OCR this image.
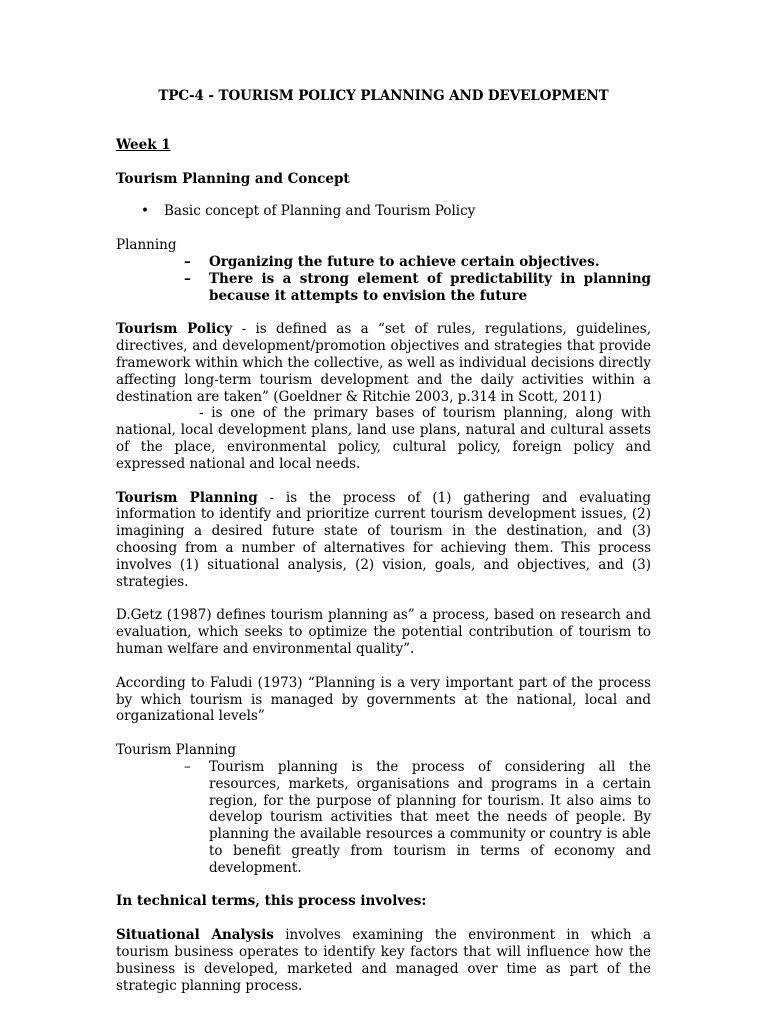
TPC-4 - TOURISM POLICY PLANNING AND DEVELOPMENT

Week 1

Tourism Planning and Concept

• Basic concept of Planning and Tourism Policy

Planning

– Organizing the future to achieve certain objectives.
– There is a strong element of predictability in planning because it attempts to envision the future

Tourism Policy - is defined as a “set of rules, regulations, guidelines, directives, and development/promotion objectives and strategies that provide framework within which the collective, as well as individual decisions directly affecting long-term tourism development and the daily activities within a destination are taken” (Goeldner & Ritchie 2003, p.314 in Scott, 2011)

- is one of the primary bases of tourism planning, along with national, local development plans, land use plans, natural and cultural assets of the place, environmental policy, cultural policy, foreign policy and expressed national and local needs.

Tourism Planning - is the process of (1) gathering and evaluating information to identify and prioritize current tourism development issues, (2) imagining a desired future state of tourism in the destination, and (3) choosing from a number of alternatives for achieving them. This process involves (1) situational analysis, (2) vision, goals, and objectives, and (3) strategies.

D.Getz (1987) defines tourism planning as” a process, based on research and evaluation, which seeks to optimize the potential contribution of tourism to human welfare and environmental quality”.

According to Faludi (1973) “Planning is a very important part of the process by which tourism is managed by governments at the national, local and organizational levels”

Tourism Planning

– Tourism planning is the process of considering all the resources, markets, organisations and programs in a certain region, for the purpose of planning for tourism. It also aims to develop tourism activities that meet the needs of people. By planning the available resources a community or country is able to benefit greatly from tourism in terms of economy and development.

In technical terms, this process involves:

Situational Analysis involves examining the environment in which a tourism business operates to identify key factors that will influence how the business is developed, marketed and managed over time as part of the strategic planning process.
